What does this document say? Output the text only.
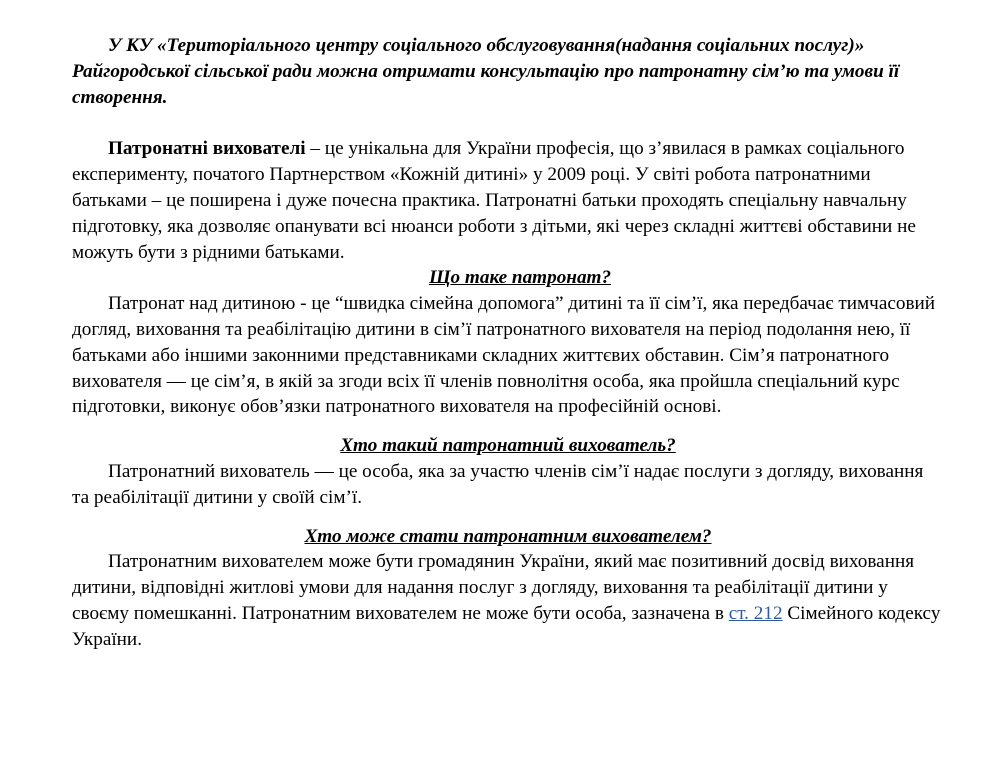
У КУ «Територіального центру соціального обслуговування(надання соціальних послуг)» Райгородської сільської ради можна отримати консультацію про патронатну сім’ю та умови її створення.

Патронатні вихователі – це унікальна для України професія, що з’явилася в рамках соціального експерименту, початого Партнерством «Кожній дитині» у 2009 році. У світі робота патронатними батьками – це поширена і дуже почесна практика. Патронатні батьки проходять спеціальну навчальну підготовку, яка дозволяє опанувати всі нюанси роботи з дітьми, які через складні життєві обставини не можуть бути з рідними батьками.

Що таке патронат?

Патронат над дитиною - це “швидка сімейна допомога” дитині та її сім’ї, яка передбачає тимчасовий догляд, виховання та реабілітацію дитини в сім’ї патронатного вихователя на період подолання нею, її батьками або іншими законними представниками складних життєвих обставин. Сім’я патронатного вихователя — це сім’я, в якій за згоди всіх її членів повнолітня особа, яка пройшла спеціальний курс підготовки, виконує обов’язки патронатного вихователя на професійній основі.

Хто такий патронатний вихователь?

Патронатний вихователь — це особа, яка за участю членів сім’ї надає послуги з догляду, виховання та реабілітації дитини у своїй сім’ї.

Хто може стати патронатним вихователем?

Патронатним вихователем може бути громадянин України, який має позитивний досвід виховання дитини, відповідні житлові умови для надання послуг з догляду, виховання та реабілітації дитини у своєму помешканні. Патронатним вихователем не може бути особа, зазначена в ст. 212 Сімейного кодексу України.
